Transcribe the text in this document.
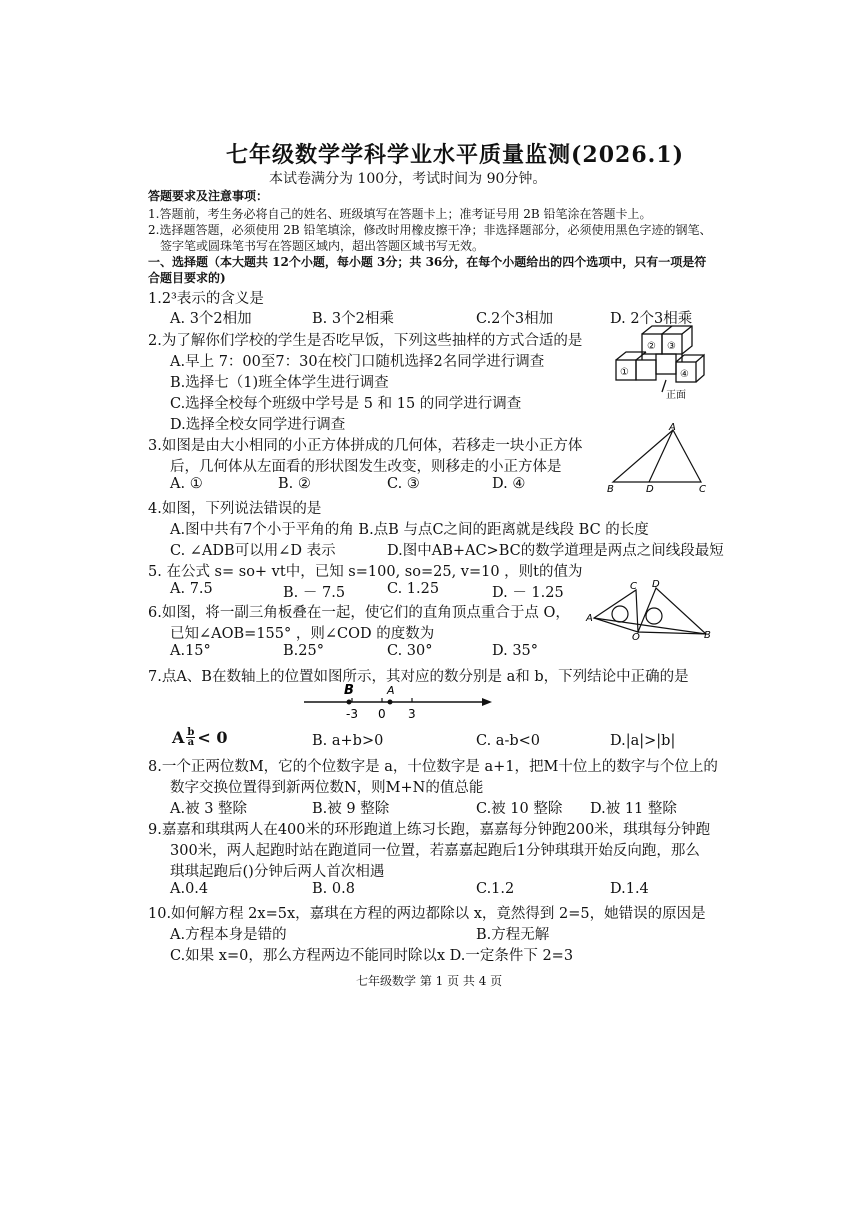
七年级数学学科学业水平质量监测(2026.1)
本试卷满分为 100分，考试时间为 90分钟。
答题要求及注意事项：
1.答题前，考生务必将自己的姓名、班级填写在答题卡上；准考证号用 2B 铅笔涂在答题卡上。
2.选择题答题，必须使用 2B 铅笔填涂，修改时用橡皮擦干净；非选择题部分，必须使用黑色字迹的钢笔、
签字笔或圆珠笔书写在答题区域内，超出答题区域书写无效。
一、选择题（本大题共 12个小题，每小题 3分；共 36分，在每个小题给出的四个选项中，只有一项是符
合题目要求的)
1.2³表示的含义是
A. 3个2相加	B. 3个2相乘	C.2个3相加	D. 2个3相乘
2.为了解你们学校的学生是否吃早饭，下列这些抽样的方式合适的是
A.早上 7：00至7：30在校门口随机选择2名同学进行调查
B.选择七（1)班全体学生进行调查
C.选择全校每个班级中学号是 5 和 15 的同学进行调查
D.选择全校女同学进行调查
② ③
①	④
正面
3.如图是由大小相同的小正方体拼成的几何体，若移走一块小正方体
后，几何体从左面看的形状图发生改变，则移走的小正方体是
A. ①	B. ②	C. ③	D. ④
A
B	D	C
4.如图，下列说法错误的是
A.图中共有7个小于平角的角 B.点B 与点C之间的距离就是线段 BC 的长度
C. ∠ADB可以用∠D 表示	D.图中AB+AC>BC的数学道理是两点之间线段最短
5. 在公式 s= so+ vt中，已知 s=100, so=25, v=10 ，则t的值为
A. 7.5	B. － 7.5	C. 1.25	D. － 1.25
6.如图，将一副三角板叠在一起，使它们的直角顶点重合于点 O，
已知∠AOB=155° ，则∠COD 的度数为
A.15°	B.25°	C. 30°	D. 35°
A
B
C D
O
7.点A、B在数轴上的位置如图所示，其对应的数分别是 a和 b，下列结论中正确的是
B	A
-3 0 3
A $\frac{b}{a} < 0$	B. a+b>0	C. a-b<0	D.|a|>|b|
8.一个正两位数M，它的个位数字是 a，十位数字是 a+1，把M十位上的数字与个位上的
数字交换位置得到新两位数N，则M+N的值总能
A.被 3 整除	B.被 9 整除	C.被 10 整除 D.被 11 整除
9.嘉嘉和琪琪两人在400米的环形跑道上练习长跑，嘉嘉每分钟跑200米，琪琪每分钟跑
300米，两人起跑时站在跑道同一位置，若嘉嘉起跑后1分钟琪琪开始反向跑，那么
琪琪起跑后()分钟后两人首次相遇
A.0.4	B. 0.8	C.1.2	D.1.4
10.如何解方程 2x=5x，嘉琪在方程的两边都除以 x，竟然得到 2=5，她错误的原因是
A.方程本身是错的	B.方程无解
C.如果 x=0，那么方程两边不能同时除以x D.一定条件下 2=3
七年级数学 第 1 页 共 4 页
